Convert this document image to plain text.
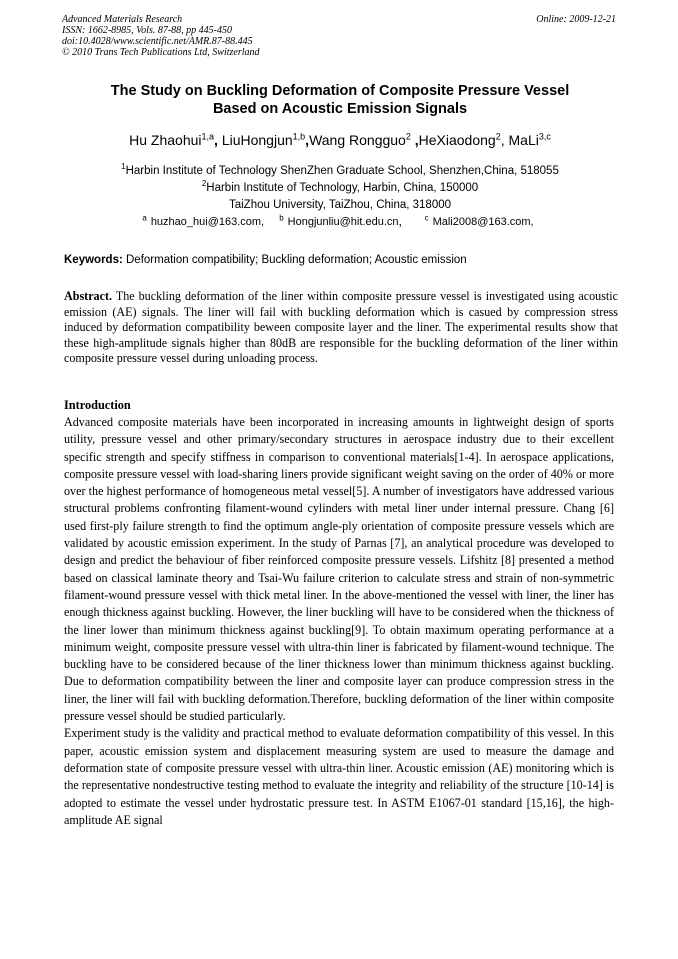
Advanced Materials Research
ISSN: 1662-8985, Vols. 87-88, pp 445-450
doi:10.4028/www.scientific.net/AMR.87-88.445
© 2010 Trans Tech Publications Ltd, Switzerland
Online: 2009-12-21
The Study on Buckling Deformation of Composite Pressure Vessel
Based on Acoustic Emission Signals
Hu Zhaohui$^{1,a}$, LiuHongjun$^{1,b}$,Wang Rongguo$^2$ ,HeXiaodong$^2$, MaLi$^{3,c}$
$^1$Harbin Institute of Technology ShenZhen Graduate School, Shenzhen,China, 518055
$^2$Harbin Institute of Technology, Harbin, China, 150000
TaiZhou University, TaiZhou, China, 318000
$^a$ huzhao_hui@163.com, $^b$ Hongjunliu@hit.edu.cn， $^c$ Mali2008@163.com,
Keywords: Deformation compatibility; Buckling deformation; Acoustic emission
Abstract. The buckling deformation of the liner within composite pressure vessel is investigated using acoustic emission (AE) signals. The liner will fail with buckling deformation which is casued by compression stress induced by deformation compatibility beween composite layer and the liner. The experimental results show that these high-amplitude signals higher than 80dB are responsible for the buckling deformation of the liner within composite pressure vessel during unloading process.
Introduction

Advanced composite materials have been incorporated in increasing amounts in lightweight design of sports utility, pressure vessel and other primary/secondary structures in aerospace industry due to their excellent specific strength and specify stiffness in comparison to conventional materials[1-4]. In aerospace applications, composite pressure vessel with load-sharing liners provide significant weight saving on the order of 40% or more over the highest performance of homogeneous metal vessel[5]. A number of investigators have addressed various structural problems confronting filament-wound cylinders with metal liner under internal pressure. Chang [6] used first-ply failure strength to find the optimum angle-ply orientation of composite pressure vessels which are validated by acoustic emission experiment. In the study of Parnas [7], an analytical procedure was developed to design and predict the behaviour of fiber reinforced composite pressure vessels. Lifshitz [8] presented a method based on classical laminate theory and Tsai-Wu failure criterion to calculate stress and strain of non-symmetric filament-wound pressure vessel with thick metal liner. In the above-mentioned the vessel with liner, the liner has enough thickness against buckling. However, the liner buckling will have to be considered when the thickness of the liner lower than minimum thickness against buckling[9]. To obtain maximum operating performance at a minimum weight, composite pressure vessel with ultra-thin liner is fabricated by filament-wound technique. The buckling have to be considered because of the liner thickness lower than minimum thickness against buckling. Due to deformation compatibility between the liner and composite layer can produce compression stress in the liner, the liner will fail with buckling deformation.Therefore, buckling deformation of the liner within composite pressure vessel should be studied particularly.

Experiment study is the validity and practical method to evaluate deformation compatibility of this vessel. In this paper, acoustic emission system and displacement measuring system are used to measure the damage and deformation state of composite pressure vessel with ultra-thin liner. Acoustic emission (AE) monitoring which is the representative nondestructive testing method to evaluate the integrity and reliability of the structure [10-14] is adopted to estimate the vessel under hydrostatic pressure test. In ASTM E1067-01 standard [15,16], the high-amplitude AE signal
